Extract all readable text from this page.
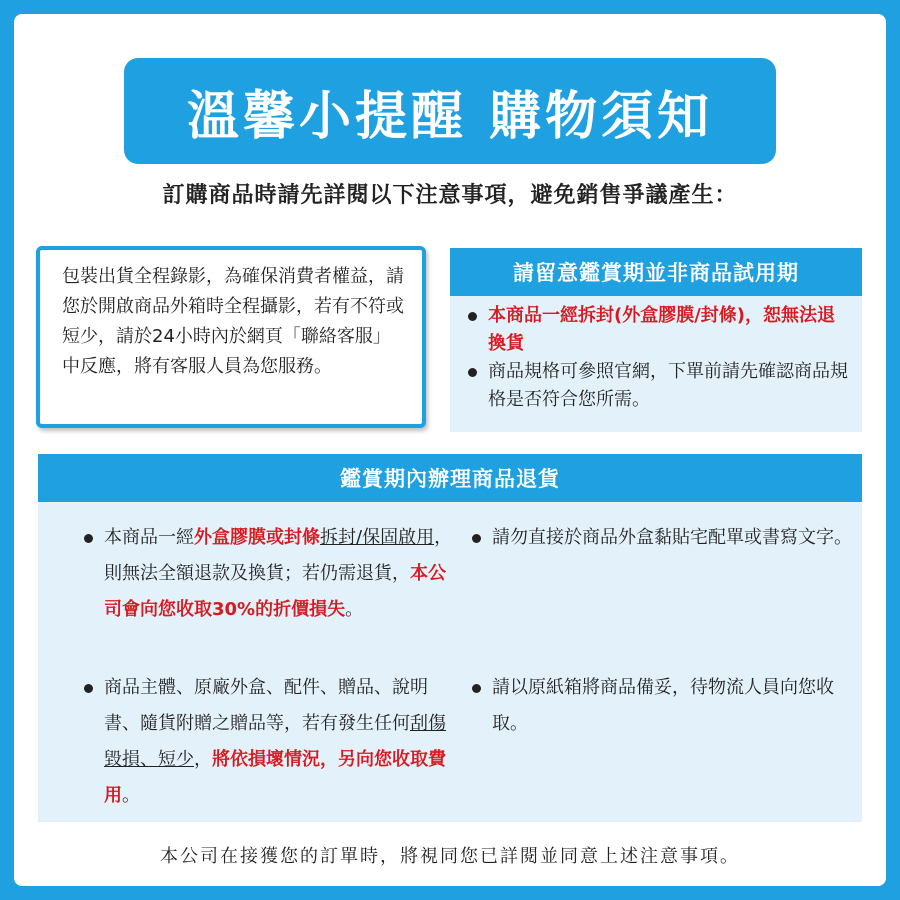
溫馨小提醒 購物須知
訂購商品時請先詳閱以下注意事項，避免銷售爭議產生：
包裝出貨全程錄影，為確保消費者權益，請您於開啟商品外箱時全程攝影，若有不符或短少，請於24小時內於網頁「聯絡客服」中反應，將有客服人員為您服務。
請留意鑑賞期並非商品試用期
本商品一經拆封(外盒膠膜/封條)，恕無法退換貨
商品規格可參照官網，下單前請先確認商品規格是否符合您所需。
鑑賞期內辦理商品退貨
本商品一經外盒膠膜或封條拆封/保固啟用，則無法全額退款及換貨；若仍需退貨，本公司會向您收取30%的折價損失。
請勿直接於商品外盒黏貼宅配單或書寫文字。
商品主體、原廠外盒、配件、贈品、說明書、隨貨附贈之贈品等，若有發生任何刮傷毀損、短少，將依損壞情況，另向您收取費用。
請以原紙箱將商品備妥，待物流人員向您收取。
本公司在接獲您的訂單時，將視同您已詳閱並同意上述注意事項。
